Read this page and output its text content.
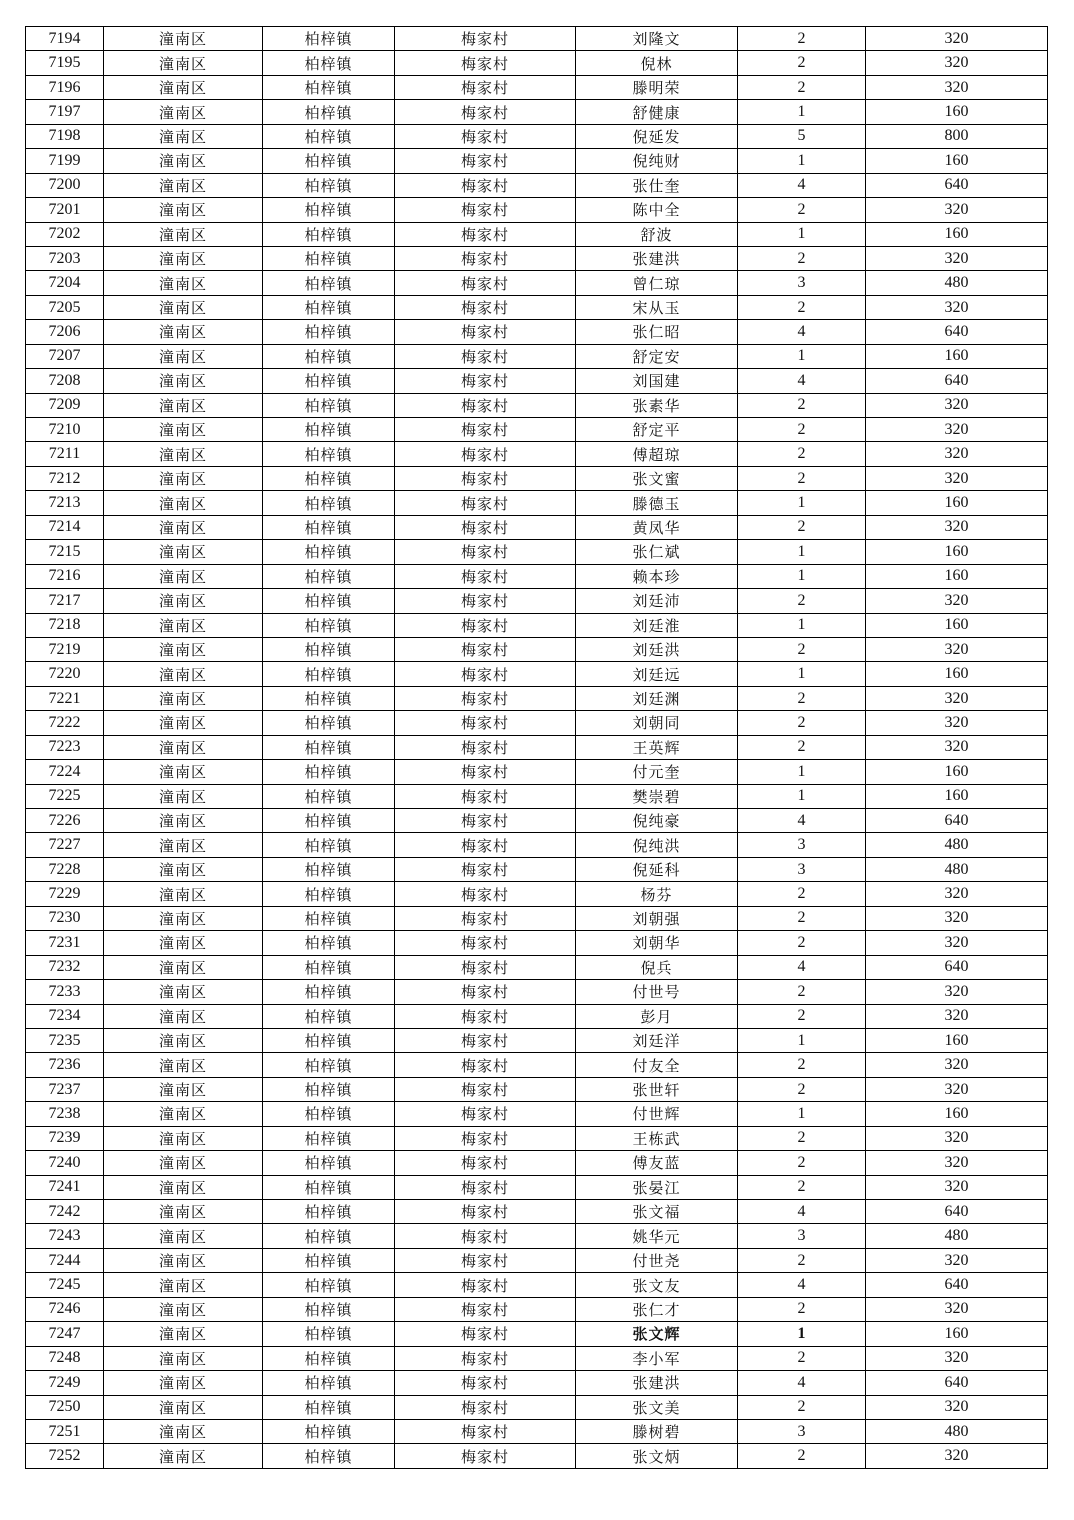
7194	潼南区	柏梓镇	梅家村	刘隆文	2	320
7195	潼南区	柏梓镇	梅家村	倪林	2	320
7196	潼南区	柏梓镇	梅家村	滕明荣	2	320
7197	潼南区	柏梓镇	梅家村	舒健康	1	160
7198	潼南区	柏梓镇	梅家村	倪延发	5	800
7199	潼南区	柏梓镇	梅家村	倪纯财	1	160
7200	潼南区	柏梓镇	梅家村	张仕奎	4	640
7201	潼南区	柏梓镇	梅家村	陈中全	2	320
7202	潼南区	柏梓镇	梅家村	舒波	1	160
7203	潼南区	柏梓镇	梅家村	张建洪	2	320
7204	潼南区	柏梓镇	梅家村	曾仁琼	3	480
7205	潼南区	柏梓镇	梅家村	宋从玉	2	320
7206	潼南区	柏梓镇	梅家村	张仁昭	4	640
7207	潼南区	柏梓镇	梅家村	舒定安	1	160
7208	潼南区	柏梓镇	梅家村	刘国建	4	640
7209	潼南区	柏梓镇	梅家村	张素华	2	320
7210	潼南区	柏梓镇	梅家村	舒定平	2	320
7211	潼南区	柏梓镇	梅家村	傅超琼	2	320
7212	潼南区	柏梓镇	梅家村	张文蜜	2	320
7213	潼南区	柏梓镇	梅家村	滕德玉	1	160
7214	潼南区	柏梓镇	梅家村	黄凤华	2	320
7215	潼南区	柏梓镇	梅家村	张仁斌	1	160
7216	潼南区	柏梓镇	梅家村	赖本珍	1	160
7217	潼南区	柏梓镇	梅家村	刘廷沛	2	320
7218	潼南区	柏梓镇	梅家村	刘廷淮	1	160
7219	潼南区	柏梓镇	梅家村	刘廷洪	2	320
7220	潼南区	柏梓镇	梅家村	刘廷远	1	160
7221	潼南区	柏梓镇	梅家村	刘廷渊	2	320
7222	潼南区	柏梓镇	梅家村	刘朝同	2	320
7223	潼南区	柏梓镇	梅家村	王英辉	2	320
7224	潼南区	柏梓镇	梅家村	付元奎	1	160
7225	潼南区	柏梓镇	梅家村	樊崇碧	1	160
7226	潼南区	柏梓镇	梅家村	倪纯豪	4	640
7227	潼南区	柏梓镇	梅家村	倪纯洪	3	480
7228	潼南区	柏梓镇	梅家村	倪延科	3	480
7229	潼南区	柏梓镇	梅家村	杨芬	2	320
7230	潼南区	柏梓镇	梅家村	刘朝强	2	320
7231	潼南区	柏梓镇	梅家村	刘朝华	2	320
7232	潼南区	柏梓镇	梅家村	倪兵	4	640
7233	潼南区	柏梓镇	梅家村	付世号	2	320
7234	潼南区	柏梓镇	梅家村	彭月	2	320
7235	潼南区	柏梓镇	梅家村	刘廷洋	1	160
7236	潼南区	柏梓镇	梅家村	付友全	2	320
7237	潼南区	柏梓镇	梅家村	张世轩	2	320
7238	潼南区	柏梓镇	梅家村	付世辉	1	160
7239	潼南区	柏梓镇	梅家村	王栋武	2	320
7240	潼南区	柏梓镇	梅家村	傅友蓝	2	320
7241	潼南区	柏梓镇	梅家村	张晏江	2	320
7242	潼南区	柏梓镇	梅家村	张文福	4	640
7243	潼南区	柏梓镇	梅家村	姚华元	3	480
7244	潼南区	柏梓镇	梅家村	付世尧	2	320
7245	潼南区	柏梓镇	梅家村	张文友	4	640
7246	潼南区	柏梓镇	梅家村	张仁才	2	320
7247	潼南区	柏梓镇	梅家村	张文辉	1	160
7248	潼南区	柏梓镇	梅家村	李小军	2	320
7249	潼南区	柏梓镇	梅家村	张建洪	4	640
7250	潼南区	柏梓镇	梅家村	张文美	2	320
7251	潼南区	柏梓镇	梅家村	滕树碧	3	480
7252	潼南区	柏梓镇	梅家村	张文炳	2	320
